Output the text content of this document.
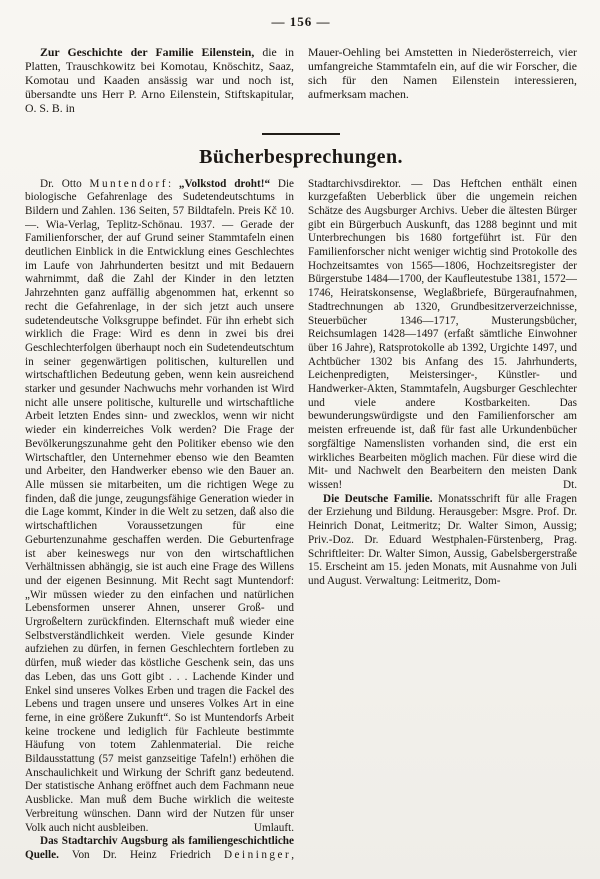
— 156 —
Zur Geschichte der Familie Eilenstein, die in Platten, Trauschkowitz bei Komotau, Knöschitz, Saaz, Komotau und Kaaden ansässig war und noch ist, übersandte uns Herr P. Arno Eilenstein, Stiftskapitular, O. S. B. in
Mauer-Oehling bei Amstetten in Niederösterreich, vier umfangreiche Stammtafeln ein, auf die wir Forscher, die sich für den Namen Eilenstein interessieren, aufmerksam machen.
Bücherbesprechungen.

Dr. Otto Muntendorf: „Volkstod droht!“ Die biologische Gefahrenlage des Sudetendeutschtums in Bildern und Zahlen. 136 Seiten, 57 Bildtafeln. Preis Kč 10.—. Wia-Verlag, Teplitz-Schönau. 1937. — Gerade der Familienforscher, der auf Grund seiner Stammtafeln einen deutlichen Einblick in die Entwicklung eines Geschlechtes im Laufe von Jahrhunderten besitzt und mit Bedauern wahrnimmt, daß die Zahl der Kinder in den letzten Jahrzehnten ganz auffällig abgenommen hat, erkennt so recht die Gefahrenlage, in der sich jetzt auch unsere sudetendeutsche Volksgruppe befindet. Für ihn erhebt sich wirklich die Frage: Wird es denn in zwei bis drei Geschlechterfolgen überhaupt noch ein Sudetendeutschtum in seiner gegenwärtigen politischen, kulturellen und wirtschaftlichen Bedeutung geben, wenn kein ausreichend starker und gesunder Nachwuchs mehr vorhanden ist Wird nicht alle unsere politische, kulturelle und wirtschaftliche Arbeit letzten Endes sinn- und zwecklos, wenn wir nicht wieder ein kinderreiches Volk werden? Die Frage der Bevölkerungszunahme geht den Politiker ebenso wie den Wirtschaftler, den Unternehmer ebenso wie den Beamten und Arbeiter, den Handwerker ebenso wie den Bauer an. Alle müssen sie mitarbeiten, um die richtigen Wege zu finden, daß die junge, zeugungsfähige Generation wieder in die Lage kommt, Kinder in die Welt zu setzen, daß also die wirtschaftlichen Voraussetzungen für eine Geburtenzunahme geschaffen werden. Die Geburtenfrage ist aber keineswegs nur von den wirtschaftlichen Verhältnissen abhängig, sie ist auch eine Frage des Willens und der eigenen Besinnung. Mit Recht sagt Muntendorf: „Wir müssen wieder zu den einfachen und natürlichen Lebensformen unserer Ahnen, unserer Groß- und Urgroßeltern zurückfinden. Elternschaft muß wieder eine Selbstverständlichkeit werden. Viele gesunde Kinder aufziehen zu dürfen, in fernen Geschlechtern fortleben zu dürfen, muß wieder das köstliche Geschenk sein, das uns das Leben, das uns Gott gibt . . . Lachende Kinder und Enkel sind unseres Volkes Erben und tragen die Fackel des Lebens und tragen unsere und unseres Volkes Art in eine ferne, in eine größere Zukunft“. So ist Muntendorfs Arbeit keine trockene und lediglich für Fachleute bestimmte Häufung von totem Zahlenmaterial. Die reiche Bildausstattung (57 meist ganzseitige Tafeln!) erhöhen die Anschaulichkeit und Wirkung der Schrift ganz bedeutend. Der statistische Anhang eröffnet auch dem Fachmann neue Ausblicke. Man muß dem Buche wirklich die weiteste Verbreitung wünschen. Dann wird der Nutzen für unser Volk auch nicht ausbleiben.	Umlauft.

Das Stadtarchiv Augsburg als familiengeschichtliche Quelle. Von Dr. Heinz Friedrich Deininger, Stadtarchivsdirektor. — Das Heftchen enthält einen kurzgefaßten Ueberblick über die ungemein reichen Schätze des Augsburger Archivs. Ueber die ältesten Bürger gibt ein Bürgerbuch Auskunft, das 1288 beginnt und mit Unterbrechungen bis 1680 fortgeführt ist. Für den Familienforscher nicht weniger wichtig sind Protokolle des Hochzeitsamtes von 1565—1806, Hochzeitsregister der Bürgerstube 1484—1700, der Kaufleutestube 1381, 1572—1746, Heiratskonsense, Weglaßbriefe, Bürgeraufnahmen, Stadtrechnungen ab 1320, Grundbesitzerverzeichnisse, Steuerbücher 1346—1717, Musterungsbücher, Reichsumlagen 1428—1497 (erfaßt sämtliche Einwohner über 16 Jahre), Ratsprotokolle ab 1392, Urgichte 1497, und Achtbücher 1302 bis Anfang des 15. Jahrhunderts, Leichenpredigten, Meistersinger-, Künstler- und Handwerker-Akten, Stammtafeln, Augsburger Geschlechter und viele andere Kostbarkeiten. Das bewunderungswürdigste und den Familienforscher am meisten erfreuende ist, daß für fast alle Urkundenbücher sorgfältige Namenslisten vorhanden sind, die erst ein wirkliches Bearbeiten möglich machen. Für diese wird die Mit- und Nachwelt den Bearbeitern den meisten Dank wissen!	Dt.

Die Deutsche Familie. Monatsschrift für alle Fragen der Erziehung und Bildung. Herausgeber: Msgre. Prof. Dr. Heinrich Donat, Leitmeritz; Dr. Walter Simon, Aussig; Priv.-Doz. Dr. Eduard Westphalen-Fürstenberg, Prag. Schriftleiter: Dr. Walter Simon, Aussig, Gabelsbergerstraße 15. Erscheint am 15. jeden Monats, mit Ausnahme von Juli und August. Verwaltung: Leitmeritz, Dom-
